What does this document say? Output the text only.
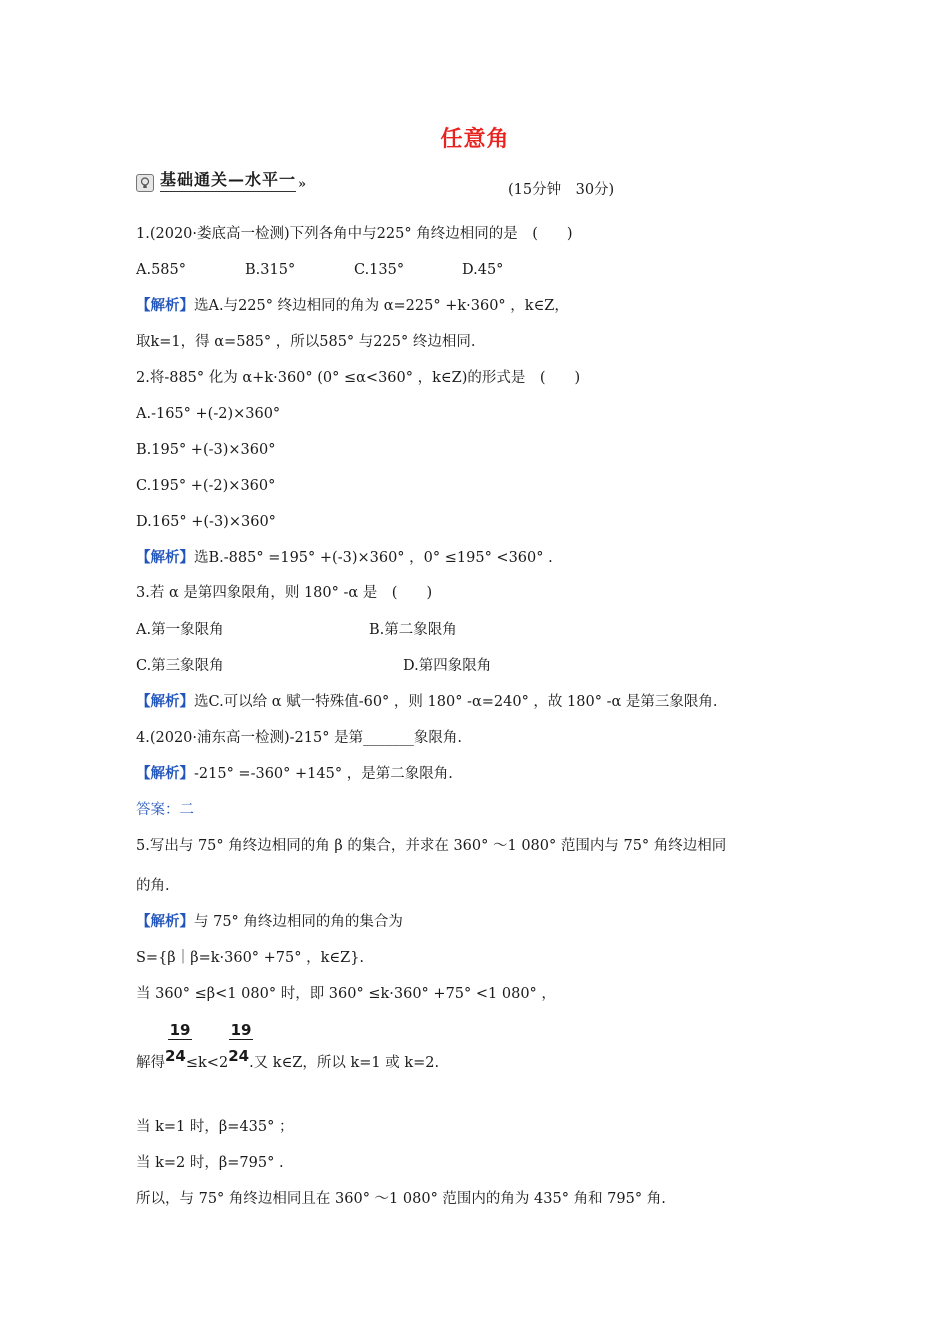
任意角
基础通关—水平一 »	(15分钟　30分)
1.(2020·娄底高一检测)下列各角中与225° 角终边相同的是　(　　)
A.585°	B.315°	C.135°	D.45°
【解析】选A.与225° 终边相同的角为 α=225° +k·360° ，k∈Z，
取k=1，得 α=585° ，所以585° 与225° 终边相同.
2.将-885° 化为 α+k·360° (0° ≤α<360° ，k∈Z)的形式是　(　　)
A.-165° +(-2)×360°
B.195° +(-3)×360°
C.195° +(-2)×360°
D.165° +(-3)×360°
【解析】选B.-885° =195° +(-3)×360° ，0° ≤195° <360° .
3.若 α 是第四象限角，则 180° -α 是　(　　)
A.第一象限角	B.第二象限角
C.第三象限角	D.第四象限角
【解析】选C.可以给 α 赋一特殊值-60° ，则 180° -α=240° ，故 180° -α 是第三象限角.
4.(2020·浦东高一检测)-215° 是第_______象限角.
【解析】-215° =-360° +145° ，是第二象限角.
答案：二
5.写出与 75° 角终边相同的角 β 的集合，并求在 360° ～1 080° 范围内与 75° 角终边相同
的角.
【解析】与 75° 角终边相同的角的集合为
S={β｜β=k·360° +75° ，k∈Z}.
当 360° ≤β<1 080° 时，即 360° ≤k·360° +75° <1 080° ，
19	19
解得24≤k<224.又 k∈Z，所以 k=1 或 k=2.
当 k=1 时，β=435° ；
当 k=2 时，β=795° .
所以，与 75° 角终边相同且在 360° ～1 080° 范围内的角为 435° 角和 795° 角.
